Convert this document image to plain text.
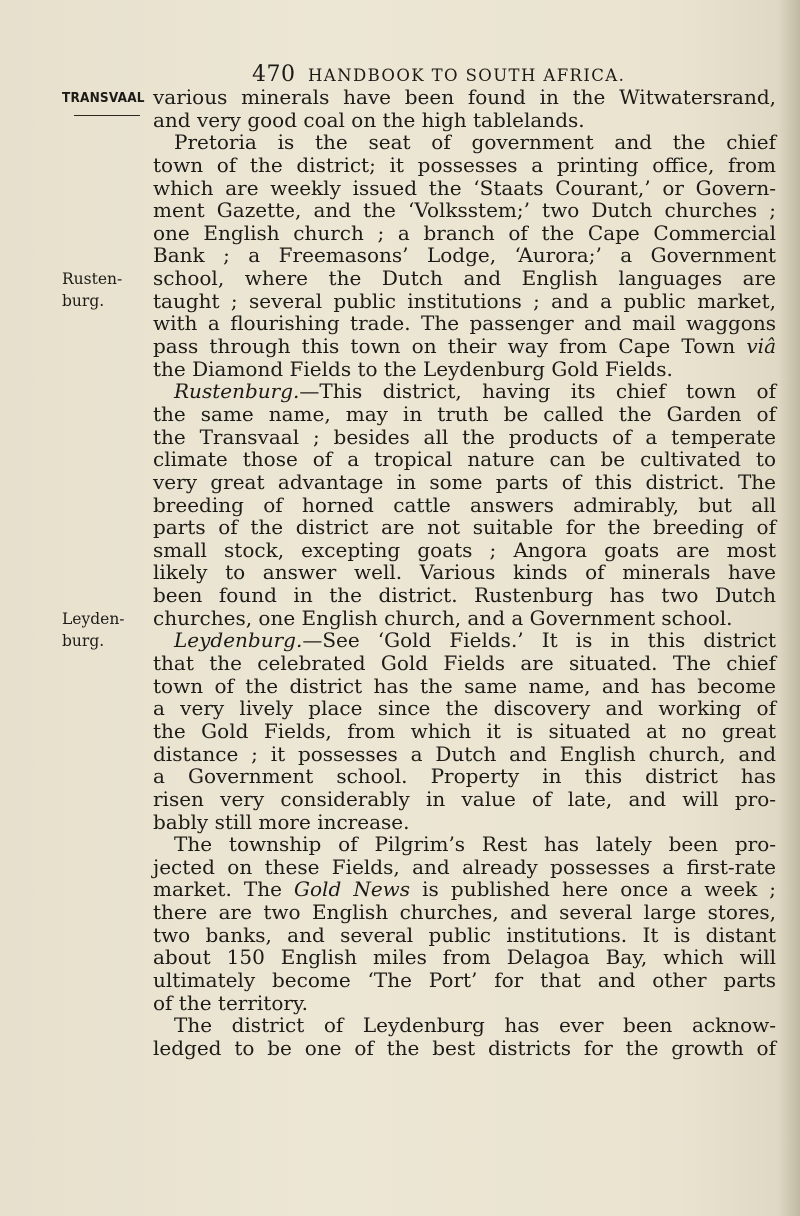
470 HANDBOOK TO SOUTH AFRICA.
TRANSVAAL
Rusten-
burg.
Leyden-
burg.
various minerals have been found in the Witwatersrand,
and very good coal on the high tablelands.
Pretoria is the seat of government and the chief
town of the district; it possesses a printing office, from
which are weekly issued the ‘Staats Courant,’ or Govern-
ment Gazette, and the ‘Volksstem;’ two Dutch churches ;
one English church ; a branch of the Cape Commercial
Bank ; a Freemasons’ Lodge, ‘Aurora;’ a Government
school, where the Dutch and English languages are
taught ; several public institutions ; and a public market,
with a flourishing trade. The passenger and mail waggons
pass through this town on their way from Cape Town viâ
the Diamond Fields to the Leydenburg Gold Fields.
Rustenburg.—This district, having its chief town of
the same name, may in truth be called the Garden of
the Transvaal ; besides all the products of a temperate
climate those of a tropical nature can be cultivated to
very great advantage in some parts of this district. The
breeding of horned cattle answers admirably, but all
parts of the district are not suitable for the breeding of
small stock, excepting goats ; Angora goats are most
likely to answer well. Various kinds of minerals have
been found in the district. Rustenburg has two Dutch
churches, one English church, and a Government school.
Leydenburg.—See ‘Gold Fields.’ It is in this district
that the celebrated Gold Fields are situated. The chief
town of the district has the same name, and has become
a very lively place since the discovery and working of
the Gold Fields, from which it is situated at no great
distance ; it possesses a Dutch and English church, and
a Government school. Property in this district has
risen very considerably in value of late, and will pro-
bably still more increase.
The township of Pilgrim’s Rest has lately been pro-
jected on these Fields, and already possesses a first-rate
market. The Gold News is published here once a week ;
there are two English churches, and several large stores,
two banks, and several public institutions. It is distant
about 150 English miles from Delagoa Bay, which will
ultimately become ‘The Port’ for that and other parts
of the territory.
The district of Leydenburg has ever been acknow-
ledged to be one of the best districts for the growth of
